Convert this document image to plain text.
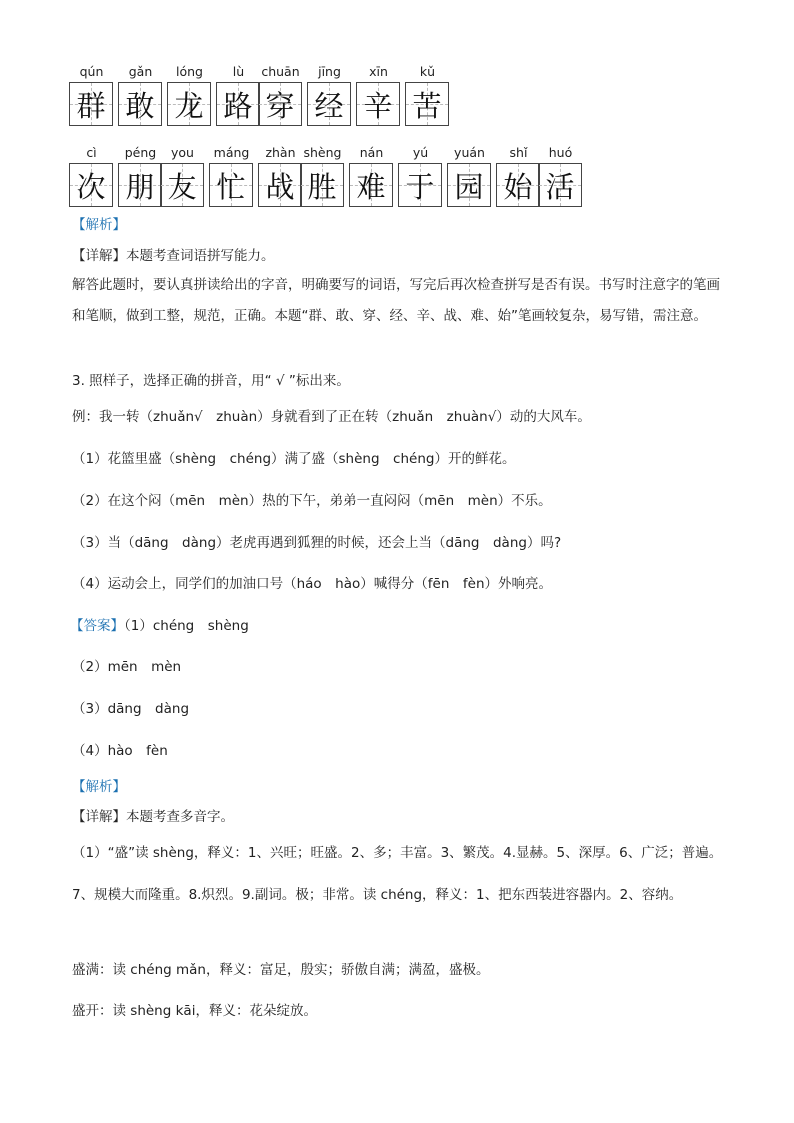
qún
群
gǎn
敢
lóng
龙
lù
路
chuān
穿
jīng
经
xīn
辛
kǔ
苦
cì
次
péng
朋
you
友
máng
忙
zhàn
战
shèng
胜
nán
难
yú
于
yuán
园
shǐ
始
huó
活
【解析】
【详解】本题考查词语拼写能力。
解答此题时，要认真拼读给出的字音，明确要写的词语，写完后再次检查拼写是否有误。书写时注意字的笔画和笔顺，做到工整，规范，正确。本题“群、敢、穿、经、辛、战、难、始”笔画较复杂，易写错，需注意。
3. 照样子，选择正确的拼音，用“ √ ”标出来。
例：我一转（zhuǎn√　zhuàn）身就看到了正在转（zhuǎn　zhuàn√）动的大风车。
（1）花篮里盛（shèng　chéng）满了盛（shèng　chéng）开的鲜花。
（2）在这个闷（mēn　mèn）热的下午，弟弟一直闷闷（mēn　mèn）不乐。
（3）当（dāng　dàng）老虎再遇到狐狸的时候，还会上当（dāng　dàng）吗?
（4）运动会上，同学们的加油口号（háo　hào）喊得分（fēn　fèn）外响亮。
【答案】（1）chéng　shèng
（2）mēn　mèn
（3）dāng　dàng
（4）hào　fèn
【解析】
【详解】本题考查多音字。
（1）“盛”读 shèng，释义：1、兴旺；旺盛。2、多；丰富。3、繁茂。4.显赫。5、深厚。6、广泛；普遍。7、规模大而隆重。8.炽烈。9.副词。极；非常。读 chéng，释义：1、把东西装进容器内。2、容纳。
盛满：读 chéng mǎn，释义：富足，殷实；骄傲自满；满盈，盛极。
盛开：读 shèng kāi，释义：花朵绽放。
